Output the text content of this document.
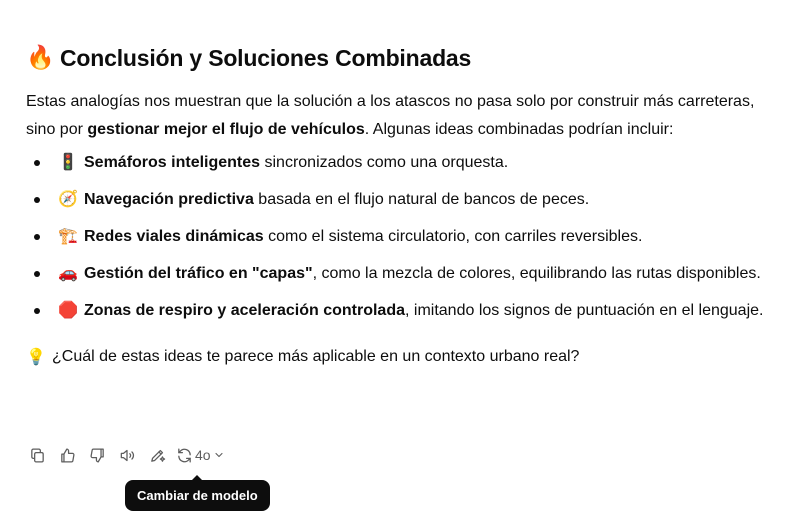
🔥 Conclusión y Soluciones Combinadas

Estas analogías nos muestran que la solución a los atascos no pasa solo por construir más carreteras, sino por gestionar mejor el flujo de vehículos. Algunas ideas combinadas podrían incluir:

🚦 Semáforos inteligentes sincronizados como una orquesta.
🧭 Navegación predictiva basada en el flujo natural de bancos de peces.
🏗️ Redes viales dinámicas como el sistema circulatorio, con carriles reversibles.
🚗 Gestión del tráfico en "capas", como la mezcla de colores, equilibrando las rutas disponibles.
🛑 Zonas de respiro y aceleración controlada, imitando los signos de puntuación en el lenguaje.
💡 ¿Cuál de estas ideas te parece más aplicable en un contexto urbano real?
4o
Cambiar de modelo
